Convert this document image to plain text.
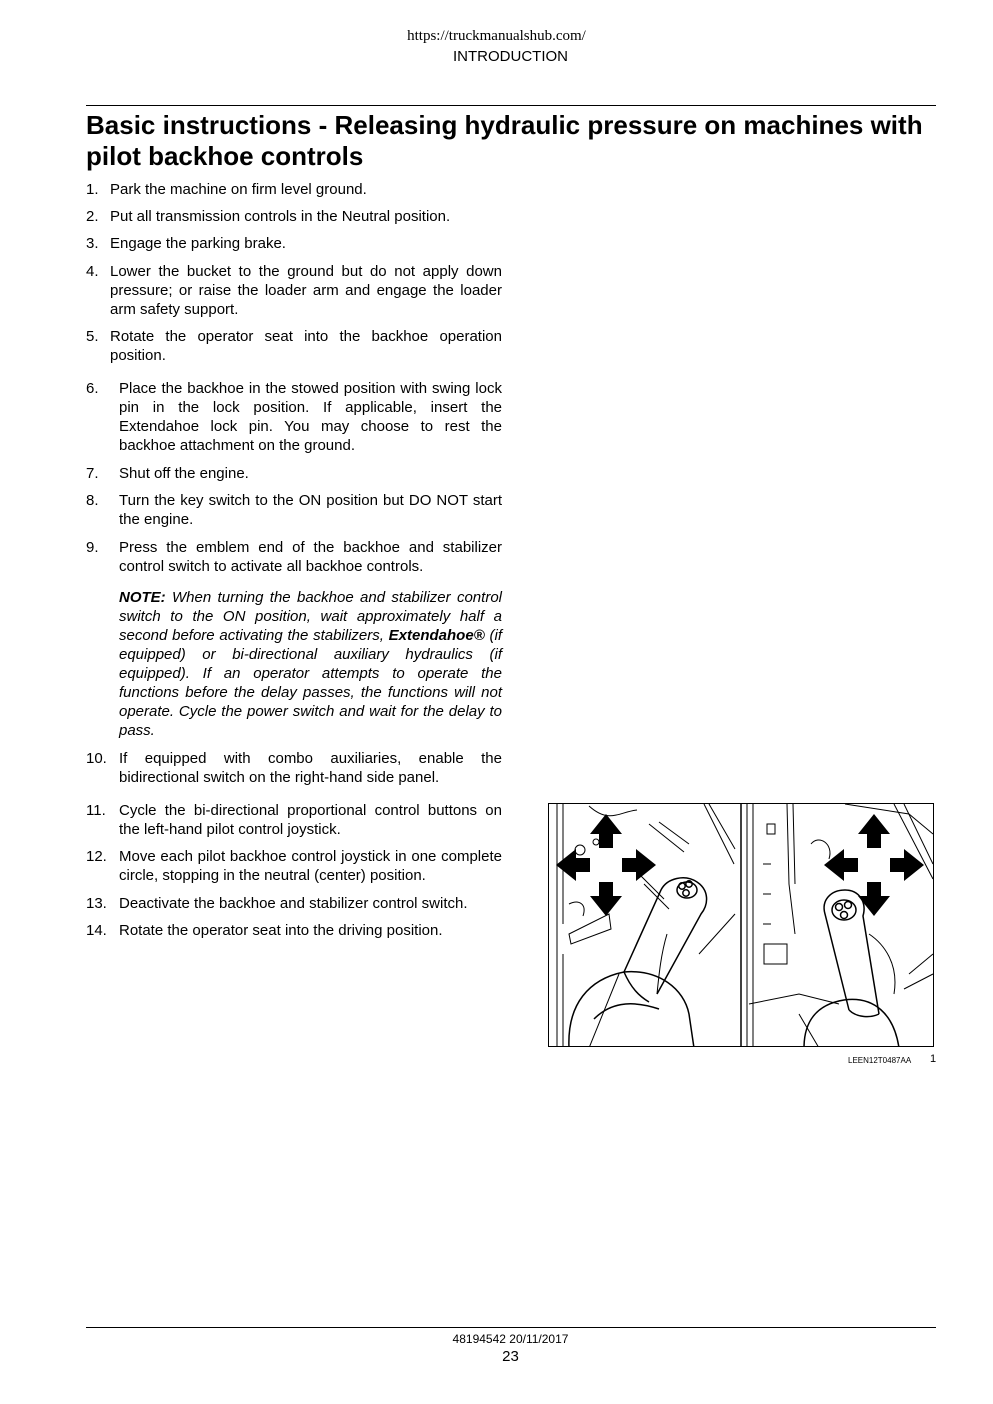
https://truckmanualshub.com/
INTRODUCTION
Basic instructions - Releasing hydraulic pressure on machines with pilot backhoe controls
1. Park the machine on firm level ground.
2. Put all transmission controls in the Neutral position.
3. Engage the parking brake.
4. Lower the bucket to the ground but do not apply down pressure; or raise the loader arm and engage the loader arm safety support.
5. Rotate the operator seat into the backhoe operation position.
6. Place the backhoe in the stowed position with swing lock pin in the lock position. If applicable, insert the Extendahoe lock pin. You may choose to rest the backhoe attachment on the ground.
7. Shut off the engine.
8. Turn the key switch to the ON position but DO NOT start the engine.
9. Press the emblem end of the backhoe and stabilizer control switch to activate all backhoe controls.
NOTE: When turning the backhoe and stabilizer control switch to the ON position, wait approximately half a second before activating the stabilizers, Extendahoe® (if equipped) or bi-directional auxiliary hydraulics (if equipped). If an operator attempts to operate the functions before the delay passes, the functions will not operate. Cycle the power switch and wait for the delay to pass.
10. If equipped with combo auxiliaries, enable the bidirectional switch on the right-hand side panel.
11. Cycle the bi-directional proportional control buttons on the left-hand pilot control joystick.
12. Move each pilot backhoe control joystick in one complete circle, stopping in the neutral (center) position.
13. Deactivate the backhoe and stabilizer control switch.
14. Rotate the operator seat into the driving position.
LEEN12T0487AA 1
48194542 20/11/2017
23
